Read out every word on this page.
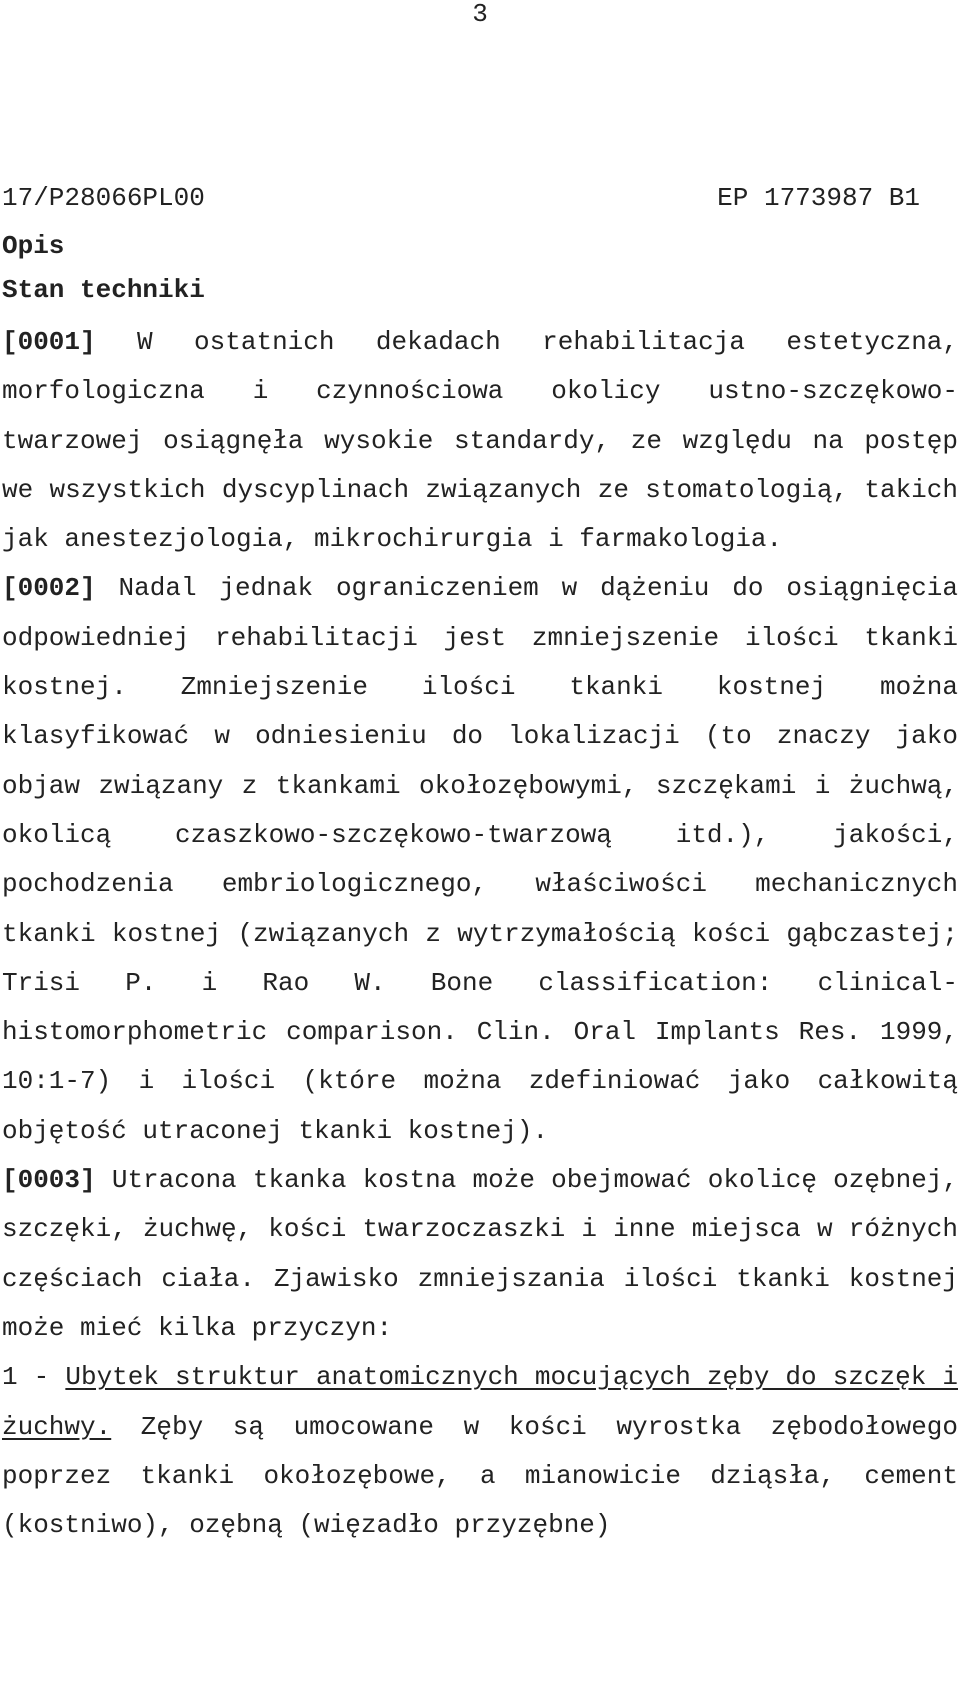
3
17/P28066PL00	EP 1773987 B1
Opis
Stan techniki

[0001] W ostatnich dekadach rehabilitacja estetyczna, morfologiczna i czynnościowa okolicy ustno-szczękowo-twarzowej osiągnęła wysokie standardy, ze względu na postęp we wszystkich dyscyplinach związanych ze stomatologią, takich jak anestezjologia, mikrochirurgia i farmakologia.

[0002] Nadal jednak ograniczeniem w dążeniu do osiągnięcia odpowiedniej rehabilitacji jest zmniejszenie ilości tkanki kostnej. Zmniejszenie ilości tkanki kostnej można klasyfikować w odniesieniu do lokalizacji (to znaczy jako objaw związany z tkankami okołozębowymi, szczękami i żuchwą, okolicą czaszkowo-szczękowo-twarzową itd.), jakości, pochodzenia embriologicznego, właściwości mechanicznych tkanki kostnej (związanych z wytrzymałością kości gąbczastej; Trisi P. i Rao W. Bone classification: clinical-histomorphometric comparison. Clin. Oral Implants Res. 1999, 10:1-7) i ilości (które można zdefiniować jako całkowitą objętość utraconej tkanki kostnej).

[0003] Utracona tkanka kostna może obejmować okolicę ozębnej, szczęki, żuchwę, kości twarzoczaszki i inne miejsca w różnych częściach ciała. Zjawisko zmniejszania ilości tkanki kostnej może mieć kilka przyczyn:

1 - Ubytek struktur anatomicznych mocujących zęby do szczęk i żuchwy. Zęby są umocowane w kości wyrostka zębodołowego poprzez tkanki okołozębowe, a mianowicie dziąsła, cement (kostniwo), ozębną (więzadło przyzębne)
